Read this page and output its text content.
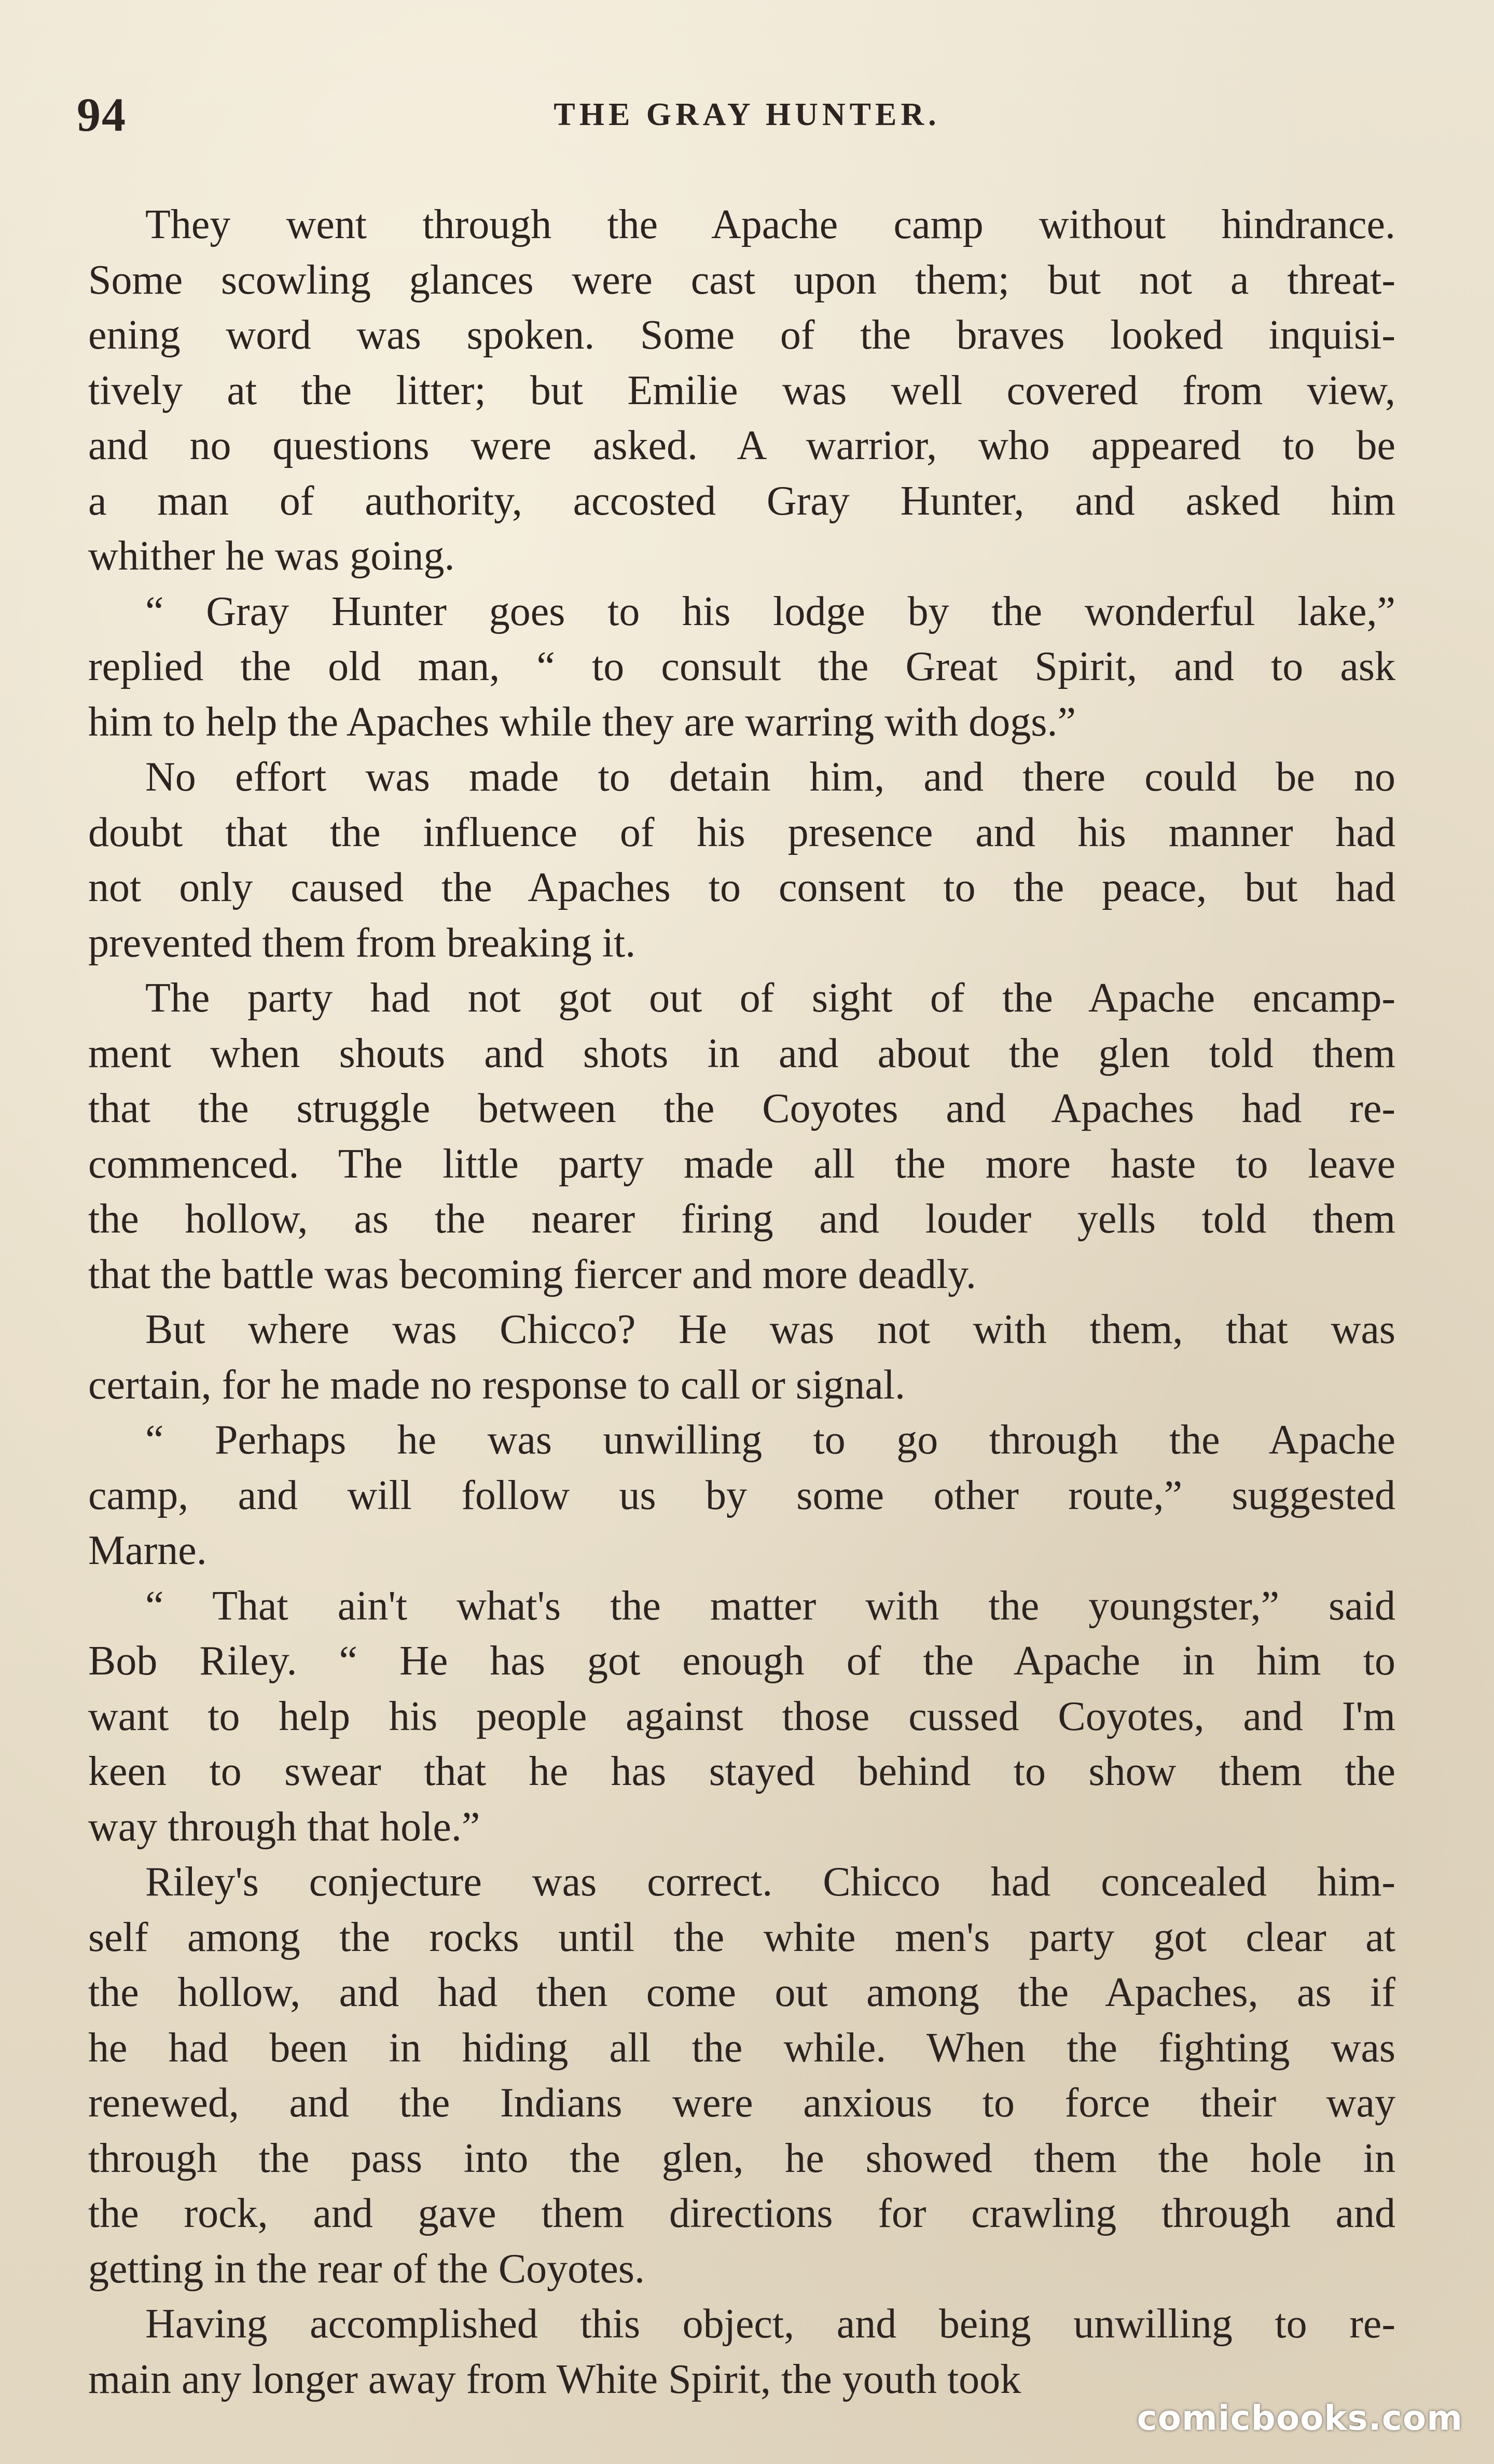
94	THE GRAY HUNTER.
They went through the Apache camp without hindrance.
Some scowling glances were cast upon them; but not a threat-
ening word was spoken. Some of the braves looked inquisi-
tively at the litter; but Emilie was well covered from view,
and no questions were asked. A warrior, who appeared to be
a man of authority, accosted Gray Hunter, and asked him
whither he was going.
“ Gray Hunter goes to his lodge by the wonderful lake,”
replied the old man, “ to consult the Great Spirit, and to ask
him to help the Apaches while they are warring with dogs.”
No effort was made to detain him, and there could be no
doubt that the influence of his presence and his manner had
not only caused the Apaches to consent to the peace, but had
prevented them from breaking it.
The party had not got out of sight of the Apache encamp-
ment when shouts and shots in and about the glen told them
that the struggle between the Coyotes and Apaches had re-
commenced. The little party made all the more haste to leave
the hollow, as the nearer firing and louder yells told them
that the battle was becoming fiercer and more deadly.
But where was Chicco? He was not with them, that was
certain, for he made no response to call or signal.
“ Perhaps he was unwilling to go through the Apache
camp, and will follow us by some other route,” suggested
Marne.
“ That ain't what's the matter with the youngster,” said
Bob Riley. “ He has got enough of the Apache in him to
want to help his people against those cussed Coyotes, and I'm
keen to swear that he has stayed behind to show them the
way through that hole.”
Riley's conjecture was correct. Chicco had concealed him-
self among the rocks until the white men's party got clear at
the hollow, and had then come out among the Apaches, as if
he had been in hiding all the while. When the fighting was
renewed, and the Indians were anxious to force their way
through the pass into the glen, he showed them the hole in
the rock, and gave them directions for crawling through and
getting in the rear of the Coyotes.
Having accomplished this object, and being unwilling to re-
main any longer away from White Spirit, the youth took
comicbooks.com
